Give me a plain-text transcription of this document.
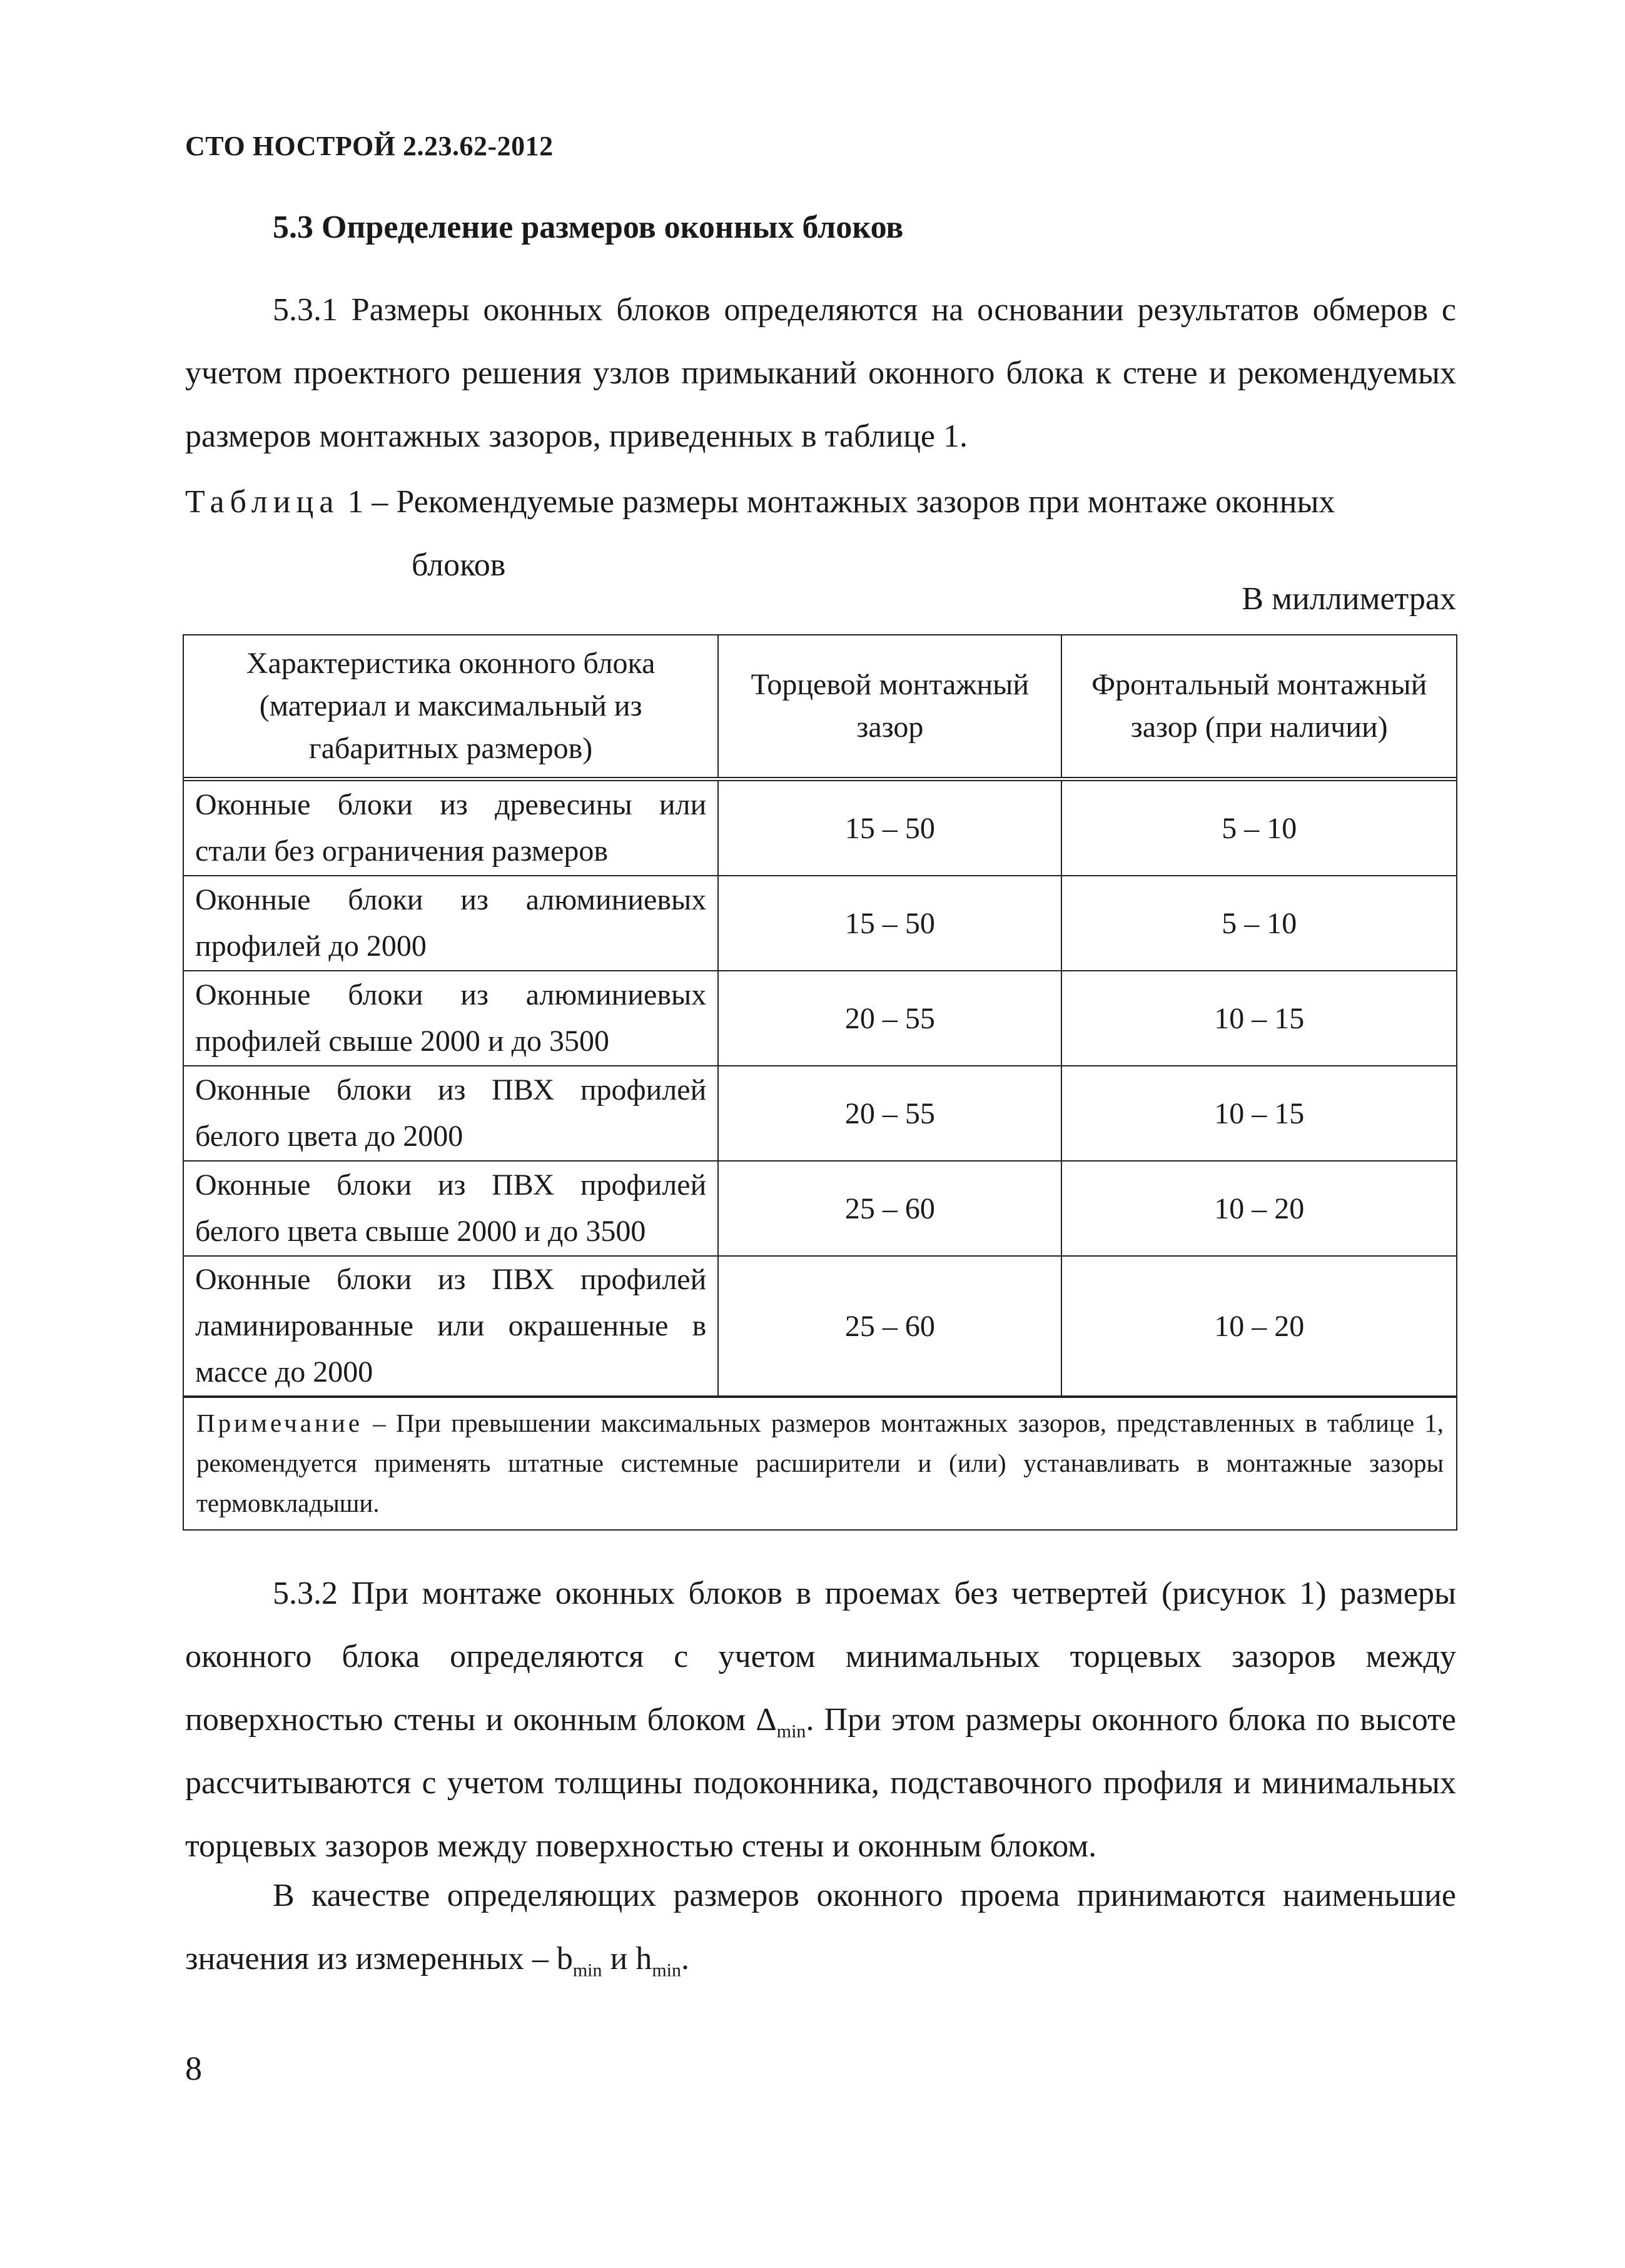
СТО НОСТРОЙ 2.23.62-2012
5.3 Определение размеров оконных блоков
5.3.1 Размеры оконных блоков определяются на основании результатов обмеров с учетом проектного решения узлов примыканий оконного блока к стене и рекомендуемых размеров монтажных зазоров, приведенных в таблице 1.
Таблица 1 – Рекомендуемые размеры монтажных зазоров при монтаже оконных
блоков
В миллиметрах
Характеристика оконного блока (материал и максимальный из габаритных размеров)	Торцевой монтажный зазор	Фронтальный монтажный зазор (при наличии)
Оконные блоки из древесины или стали без ограничения размеров	15 – 50	5 – 10
Оконные блоки из алюминиевых профилей до 2000	15 – 50	5 – 10
Оконные блоки из алюминиевых профилей свыше 2000 и до 3500	20 – 55	10 – 15
Оконные блоки из ПВХ профилей белого цвета до 2000	20 – 55	10 – 15
Оконные блоки из ПВХ профилей белого цвета свыше 2000 и до 3500	25 – 60	10 – 20
Оконные блоки из ПВХ профилей ламинированные или окрашенные в массе до 2000	25 – 60	10 – 20
Примечание – При превышении максимальных размеров монтажных зазоров, представленных в таблице 1, рекомендуется применять штатные системные расширители и (или) устанавливать в монтажные зазоры термовкладыши.
5.3.2 При монтаже оконных блоков в проемах без четвертей (рисунок 1) размеры оконного блока определяются с учетом минимальных торцевых зазоров между поверхностью стены и оконным блоком $\Delta_{min}$. При этом размеры оконного блока по высоте рассчитываются с учетом толщины подоконника, подставочного профиля и минимальных торцевых зазоров между поверхностью стены и оконным блоком.
В качестве определяющих размеров оконного проема принимаются наименьшие значения из измеренных – $b_{min}$ и $h_{min}$.
8
